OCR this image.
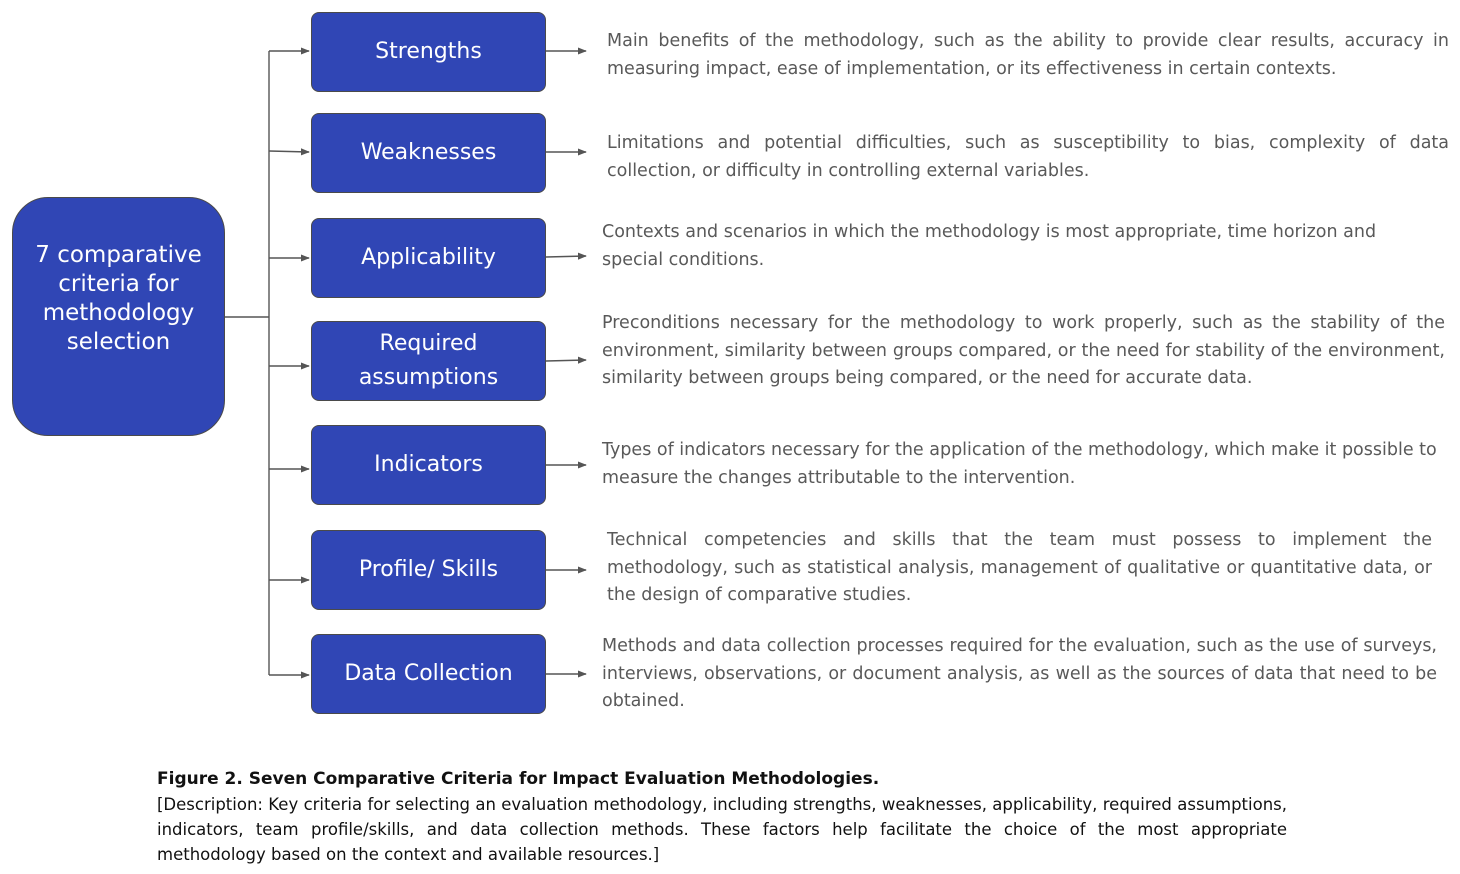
7 comparative criteria for methodology selection
Strengths
Weaknesses
Applicability
Required assumptions
Indicators
Profile/ Skills
Data Collection
Main benefits of the methodology, such as the ability to provide clear results, accuracy in measuring impact, ease of implementation, or its effectiveness in certain contexts.
Limitations and potential difficulties, such as susceptibility to bias, complexity of data collection, or difficulty in controlling external variables.
Contexts and scenarios in which the methodology is most appropriate, time horizon and special conditions.
Preconditions necessary for the methodology to work properly, such as the stability of the environment, similarity between groups compared, or the need for stability of the environment, similarity between groups being compared, or the need for accurate data.
Types of indicators necessary for the application of the methodology, which make it possible to measure the changes attributable to the intervention.
Technical competencies and skills that the team must possess to implement the methodology, such as statistical analysis, management of qualitative or quantitative data, or the design of comparative studies.
Methods and data collection processes required for the evaluation, such as the use of surveys, interviews, observations, or document analysis, as well as the sources of data that need to be obtained.
Figure 2. Seven Comparative Criteria for Impact Evaluation Methodologies.
[Description: Key criteria for selecting an evaluation methodology, including strengths, weaknesses, applicability, required assumptions, indicators, team profile/skills, and data collection methods. These factors help facilitate the choice of the most appropriate methodology based on the context and available resources.]
